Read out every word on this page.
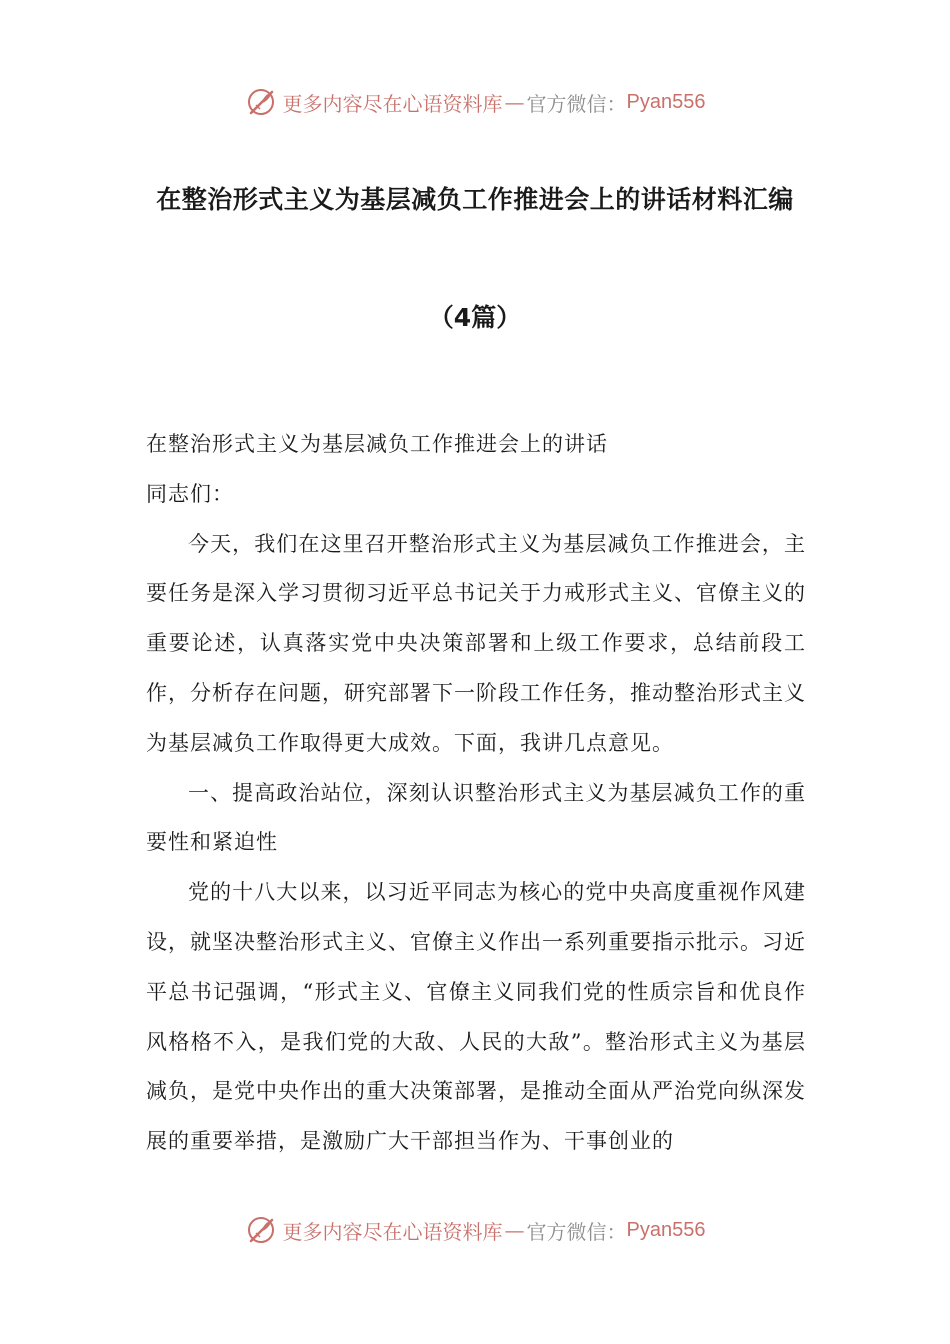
更多内容尽在心语资料库 — 官方微信： Pyan556
在整治形式主义为基层减负工作推进会上的讲话材料汇编
（4篇）

在整治形式主义为基层减负工作推进会上的讲话

同志们：

今天，我们在这里召开整治形式主义为基层减负工作推进会，主要任务是深入学习贯彻习近平总书记关于力戒形式主义、官僚主义的重要论述，认真落实党中央决策部署和上级工作要求，总结前段工作，分析存在问题，研究部署下一阶段工作任务，推动整治形式主义为基层减负工作取得更大成效。下面，我讲几点意见。

一、提高政治站位，深刻认识整治形式主义为基层减负工作的重要性和紧迫性

党的十八大以来，以习近平同志为核心的党中央高度重视作风建设，就坚决整治形式主义、官僚主义作出一系列重要指示批示。习近平总书记强调，“形式主义、官僚主义同我们党的性质宗旨和优良作风格格不入，是我们党的大敌、人民的大敌”。整治形式主义为基层减负，是党中央作出的重大决策部署，是推动全面从严治党向纵深发展的重要举措，是激励广大干部担当作为、干事创业的

更多内容尽在心语资料库 — 官方微信： Pyan556
